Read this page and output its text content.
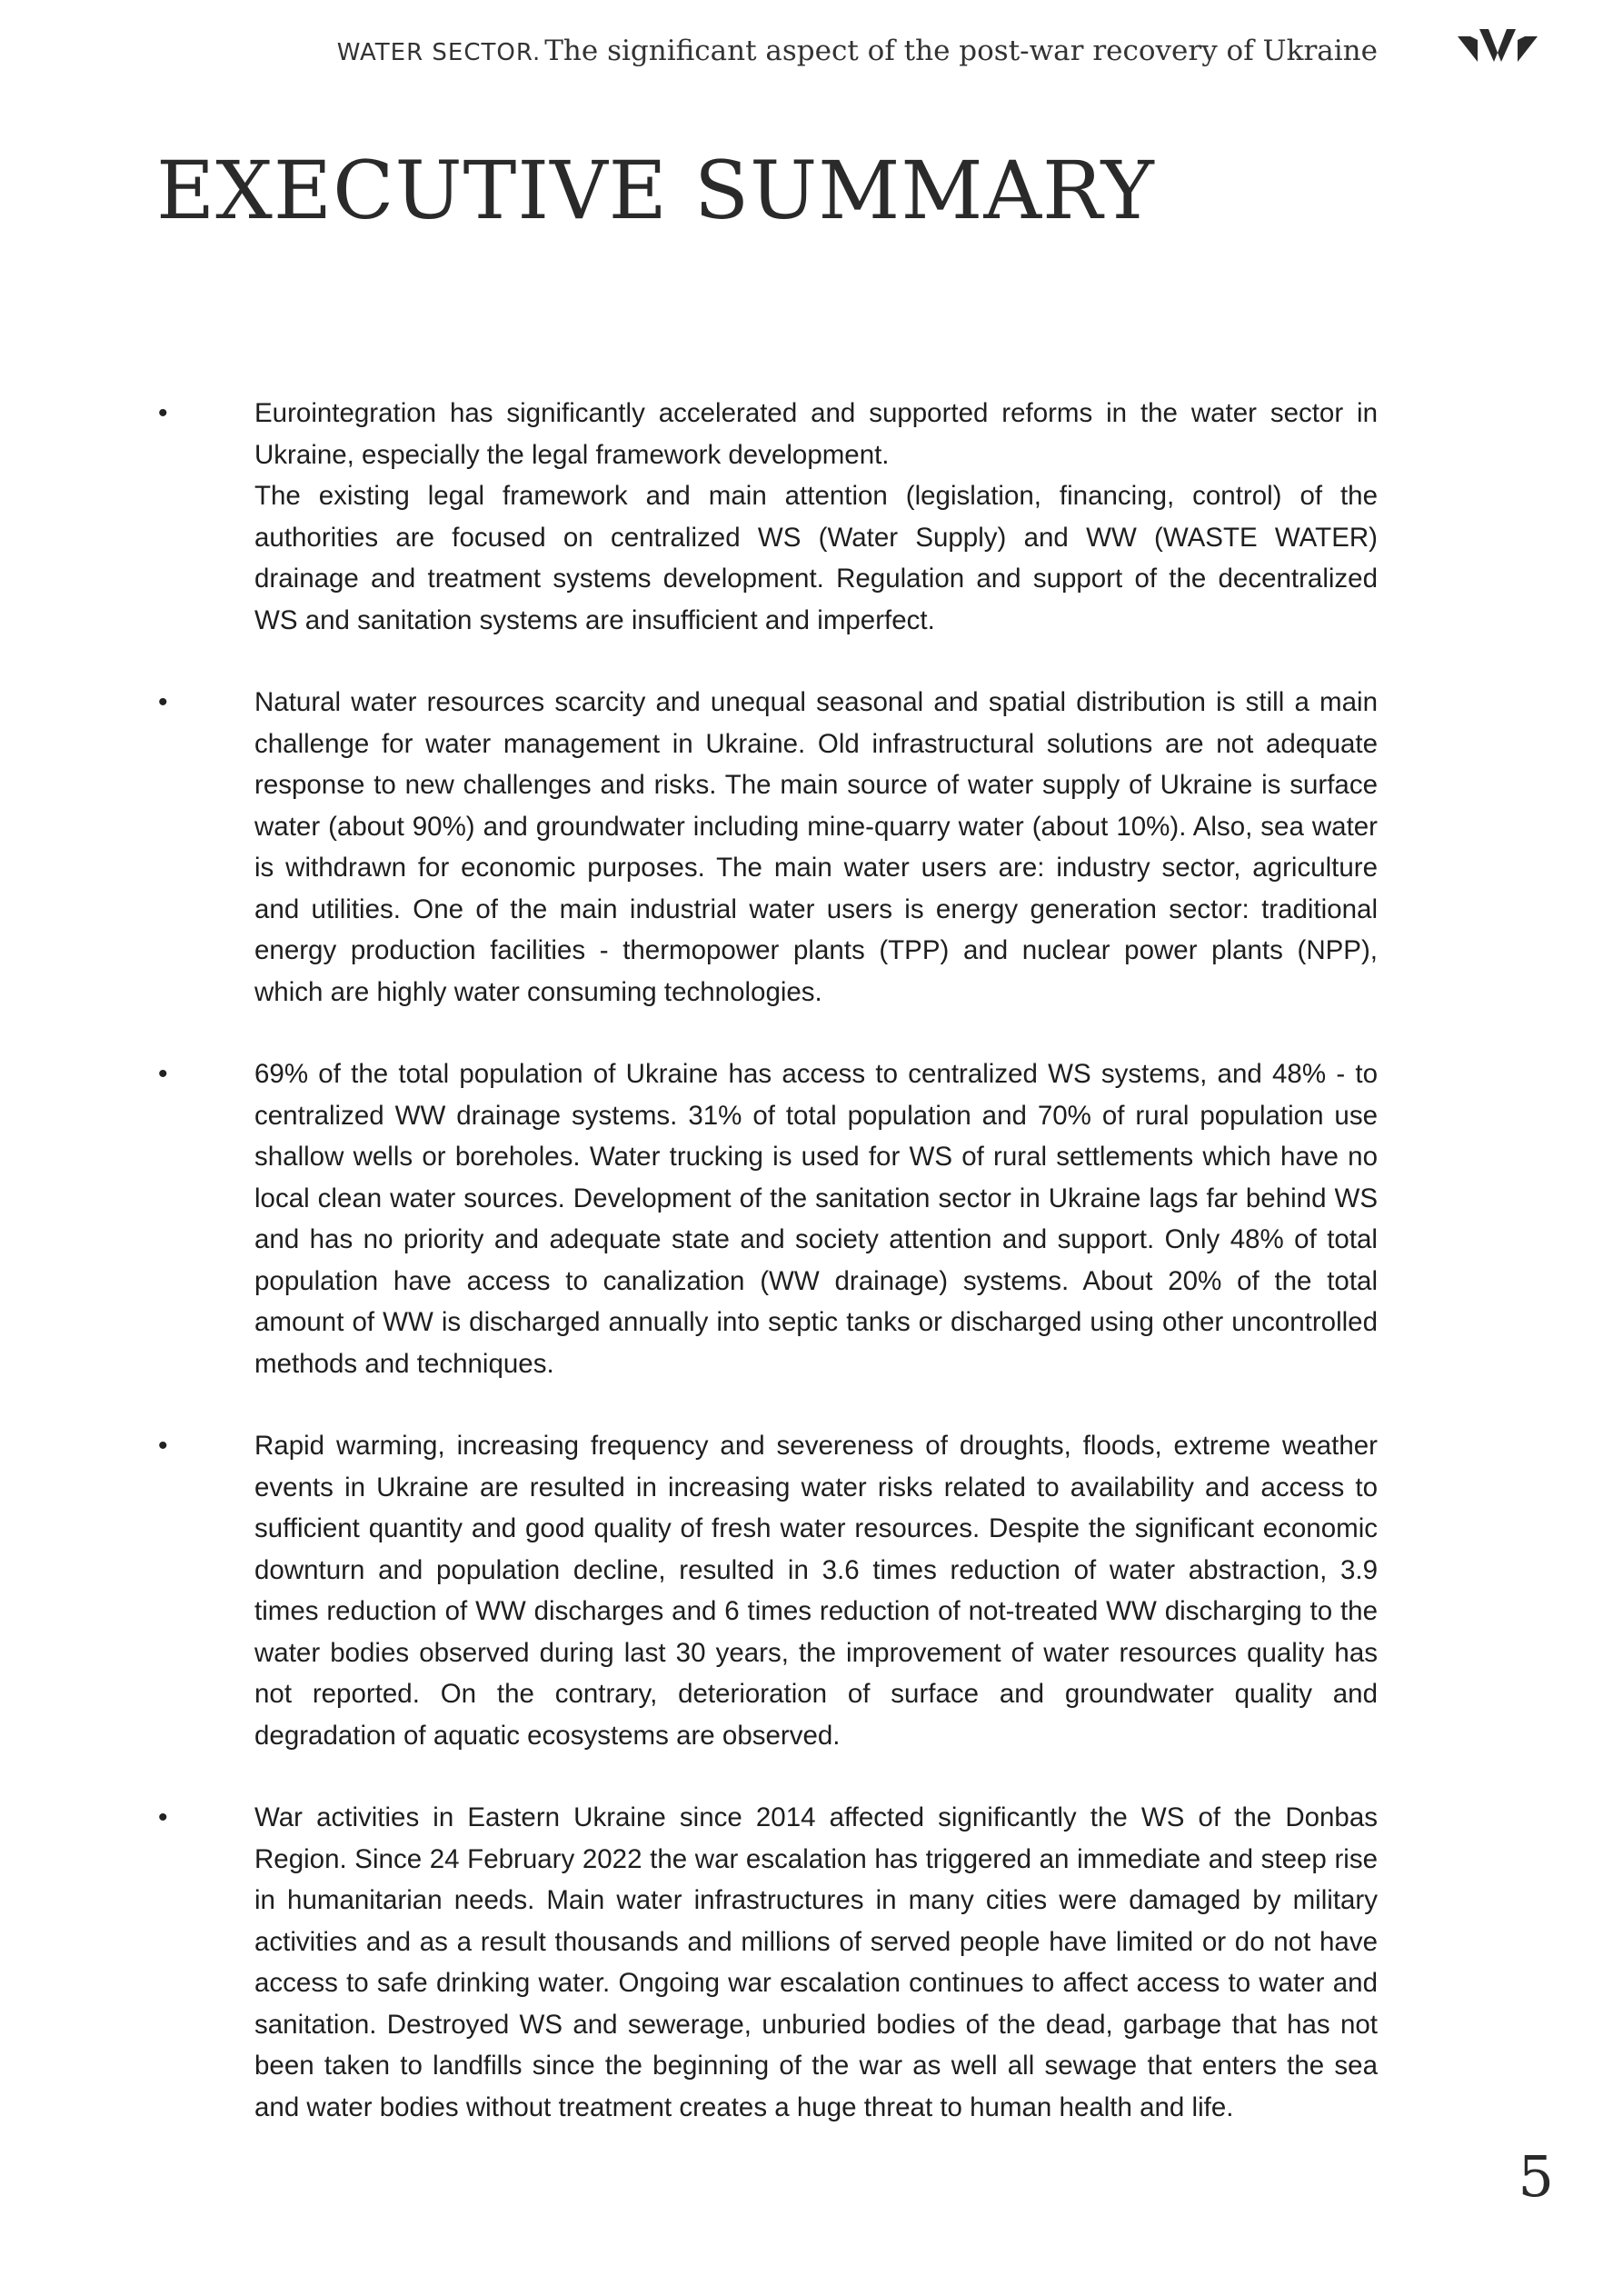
WATER SECTOR. The significant aspect of the post-war recovery of Ukraine
EXECUTIVE SUMMARY
•	Eurointegration has significantly accelerated and supported reforms in the water sector in Ukraine, especially the legal framework development.

The existing legal framework and main attention (legislation, financing, control) of the authorities are focused on centralized WS (Water Supply) and WW (WASTE WATER) drainage and treatment systems development. Regulation and support of the decentralized WS and sanitation systems are insufficient and imperfect.

•	Natural water resources scarcity and unequal seasonal and spatial distribution is still a main challenge for water management in Ukraine. Old infrastructural solutions are not adequate response to new challenges and risks. The main source of water supply of Ukraine is surface water (about 90%) and groundwater including mine-quarry water (about 10%). Also, sea water is withdrawn for economic purposes. The main water users are: industry sector, agriculture and utilities. One of the main industrial water users is energy generation sector: traditional energy production facilities - thermopower plants (TPP) and nuclear power plants (NPP), which are highly water consuming technologies.

•	69% of the total population of Ukraine has access to centralized WS systems, and 48% - to centralized WW drainage systems. 31% of total population and 70% of rural population use shallow wells or boreholes. Water trucking is used for WS of rural settlements which have no local clean water sources. Development of the sanitation sector in Ukraine lags far behind WS and has no priority and adequate state and society attention and support. Only 48% of total population have access to canalization (WW drainage) systems. About 20% of the total amount of WW is discharged annually into septic tanks or discharged using other uncontrolled methods and techniques.

•	Rapid warming, increasing frequency and severeness of droughts, floods, extreme weather events in Ukraine are resulted in increasing water risks related to availability and access to sufficient quantity and good quality of fresh water resources. Despite the significant economic downturn and population decline, resulted in 3.6 times reduction of water abstraction, 3.9 times reduction of WW discharges and 6 times reduction of not-treated WW discharging to the water bodies observed during last 30 years, the improvement of water resources quality has not reported. On the contrary, deterioration of surface and groundwater quality and degradation of aquatic ecosystems are observed.

•	War activities in Eastern Ukraine since 2014 affected significantly the WS of the Donbas Region. Since 24 February 2022 the war escalation has triggered an immediate and steep rise in humanitarian needs. Main water infrastructures in many cities were damaged by military activities and as a result thousands and millions of served people have limited or do not have access to safe drinking water. Ongoing war escalation continues to affect access to water and sanitation. Destroyed WS and sewerage, unburied bodies of the dead, garbage that has not been taken to landfills since the beginning of the war as well all sewage that enters the sea and water bodies without treatment creates a huge threat to human health and life.

5
